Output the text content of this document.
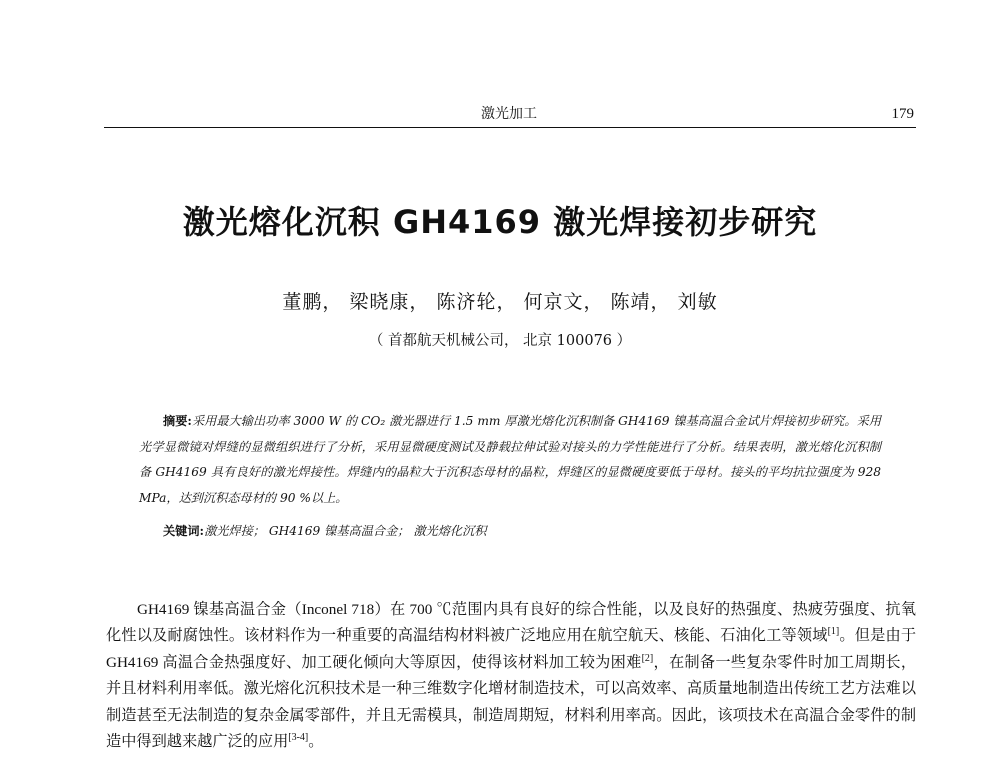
激光加工	179
激光熔化沉积 GH4169 激光焊接初步研究
董鹏， 梁晓康， 陈济轮， 何京文， 陈靖， 刘敏
（ 首都航天机械公司， 北京 100076 ）
摘要:采用最大输出功率 3000 W 的 CO₂ 激光器进行 1.5 mm 厚激光熔化沉积制备 GH4169 镍基高温合金试片焊接初步研究。采用光学显微镜对焊缝的显微组织进行了分析，采用显微硬度测试及静载拉伸试验对接头的力学性能进行了分析。结果表明，激光熔化沉积制备 GH4169 具有良好的激光焊接性。焊缝内的晶粒大于沉积态母材的晶粒，焊缝区的显微硬度要低于母材。接头的平均抗拉强度为 928 MPa，达到沉积态母材的 90 %以上。
关键词:激光焊接； GH4169 镍基高温合金； 激光熔化沉积
GH4169 镍基高温合金（Inconel 718）在 700 ℃范围内具有良好的综合性能，以及良好的热强度、热疲劳强度、抗氧化性以及耐腐蚀性。该材料作为一种重要的高温结构材料被广泛地应用在航空航天、核能、石油化工等领域[1]。但是由于 GH4169 高温合金热强度好、加工硬化倾向大等原因，使得该材料加工较为困难[2]，在制备一些复杂零件时加工周期长，并且材料利用率低。激光熔化沉积技术是一种三维数字化增材制造技术，可以高效率、高质量地制造出传统工艺方法难以制造甚至无法制造的复杂金属零部件，并且无需模具，制造周期短，材料利用率高。因此，该项技术在高温合金零件的制造中得到越来越广泛的应用[3-4]。
